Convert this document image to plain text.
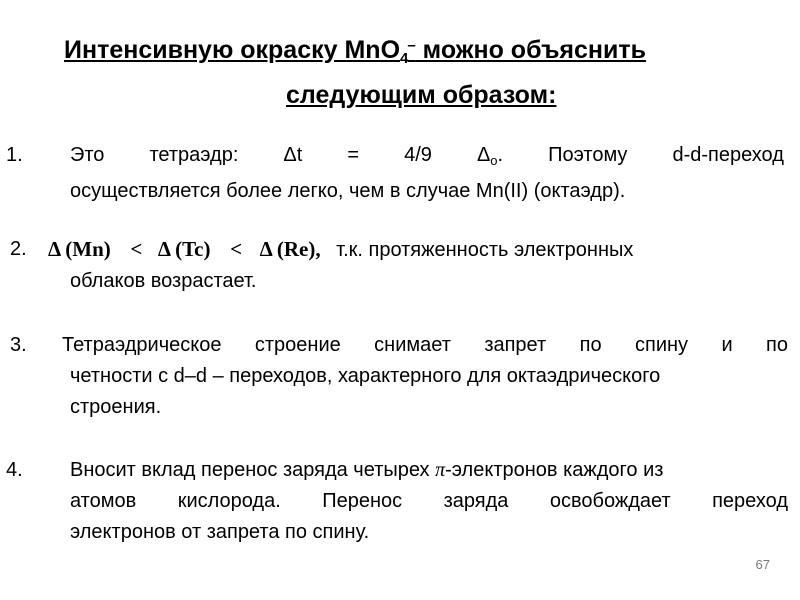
Интенсивную окраску MnO$_4$– можно объяснить
следующим образом:
1. Это тетраэдр: Δt = 4/9 $\Delta_о$. Поэтому d-d-переход
осуществляется более легко, чем в случае Mn(II) (октаэдр).
2. Δ (Mn) < Δ (Tc) < Δ (Re), т.к. протяженность электронных
облаков возрастает.
3. Тетраэдрическое строение снимает запрет по спину и по
четности с d–d – переходов, характерного для октаэдрического
строения.
4. Вносит вклад перенос заряда четырех π-электронов каждого из
атомов кислорода. Перенос заряда освобождает переход
электронов от запрета по спину.
67
